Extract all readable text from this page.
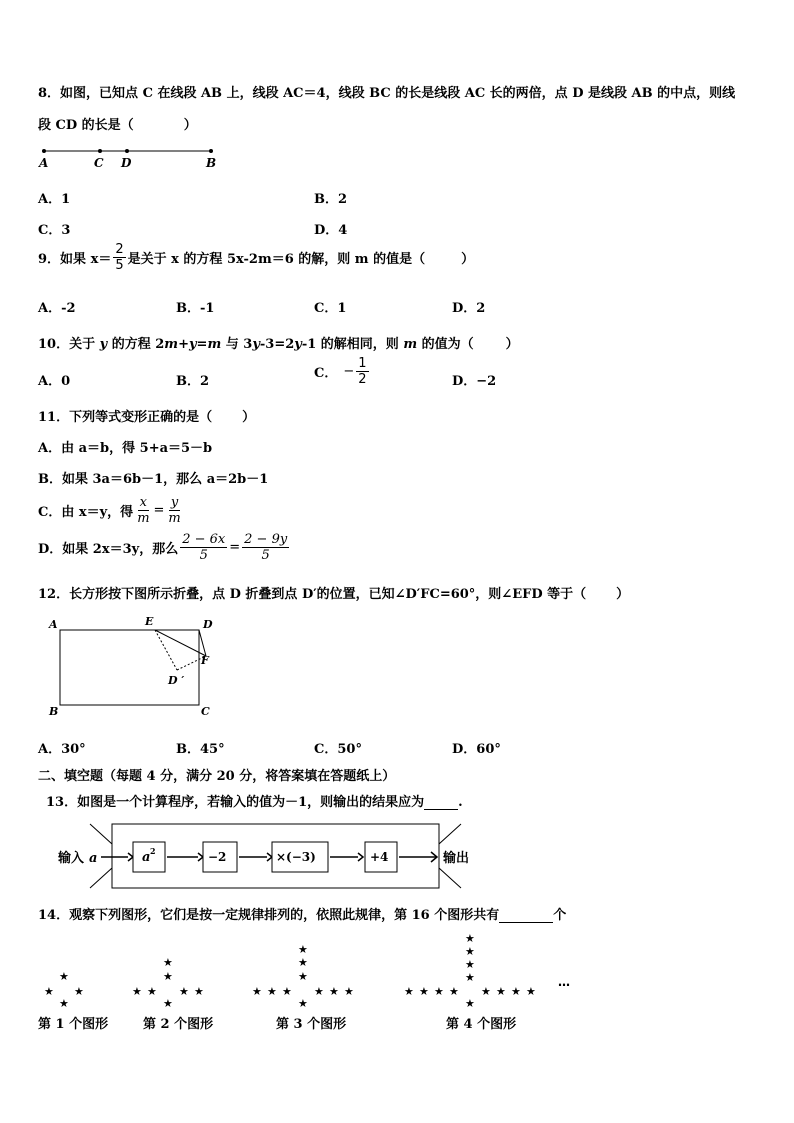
8．如图，已知点 C 在线段 AB 上，线段 AC＝4，线段 BC 的长是线段 AC 长的两倍，点 D 是线段 AB 的中点，则线
段 CD 的长是（	）
A	C D	B
A．1	B．2
C．3	D．4
9．如果 $x= \frac{2}{5}$ 是关于 x 的方程 5x-2m＝6 的解，则 m 的值是（	）
A．-2	B．-1	C．1	D．2
10．关于 y 的方程 2m+y=m 与 3y-3=2y-1 的解相同，则 m 的值为（ ）
A．0	B．2
C． − $\frac{1}{2}$	D．−2
11．下列等式变形正确的是（ ）
A．由 a＝b，得 5+a＝5－b
B．如果 3a＝6b－1，那么 a＝2b－1
C．由 x＝y，得 $\frac{x}{m} = \frac{y}{m}$
D．如果 2x＝3y，那么 $\frac{2 - 6x}{5} = \frac{2 - 9y}{5}$
12．长方形按下图所示折叠，点 D 折叠到点 D′的位置，已知∠D′FC=60°，则∠EFD 等于（ ）
A	E	D
F
D ′
B	C
A．30°	B．45°	C．50°	D．60°
二、填空题（每题 4 分，满分 20 分，将答案填在答题纸上）
13．如图是一个计算程序，若输入的值为－1，则输出的结果应为	.
输入 a	a 2	−2	×(−3)	+4	输出
14．观察下列图形，它们是按一定规律排列的，依照此规律，第 16 个图形共有	个
★
★ ★
★
★
★
★ ★ ★ ★
★
★
★
★
★ ★ ★ ★ ★ ★
★
★
★
★
★
★ ★ ★ ★ ★ ★ ★ ★
★
…
第 1 个图形	第 2 个图形	第 3 个图形	第 4 个图形
